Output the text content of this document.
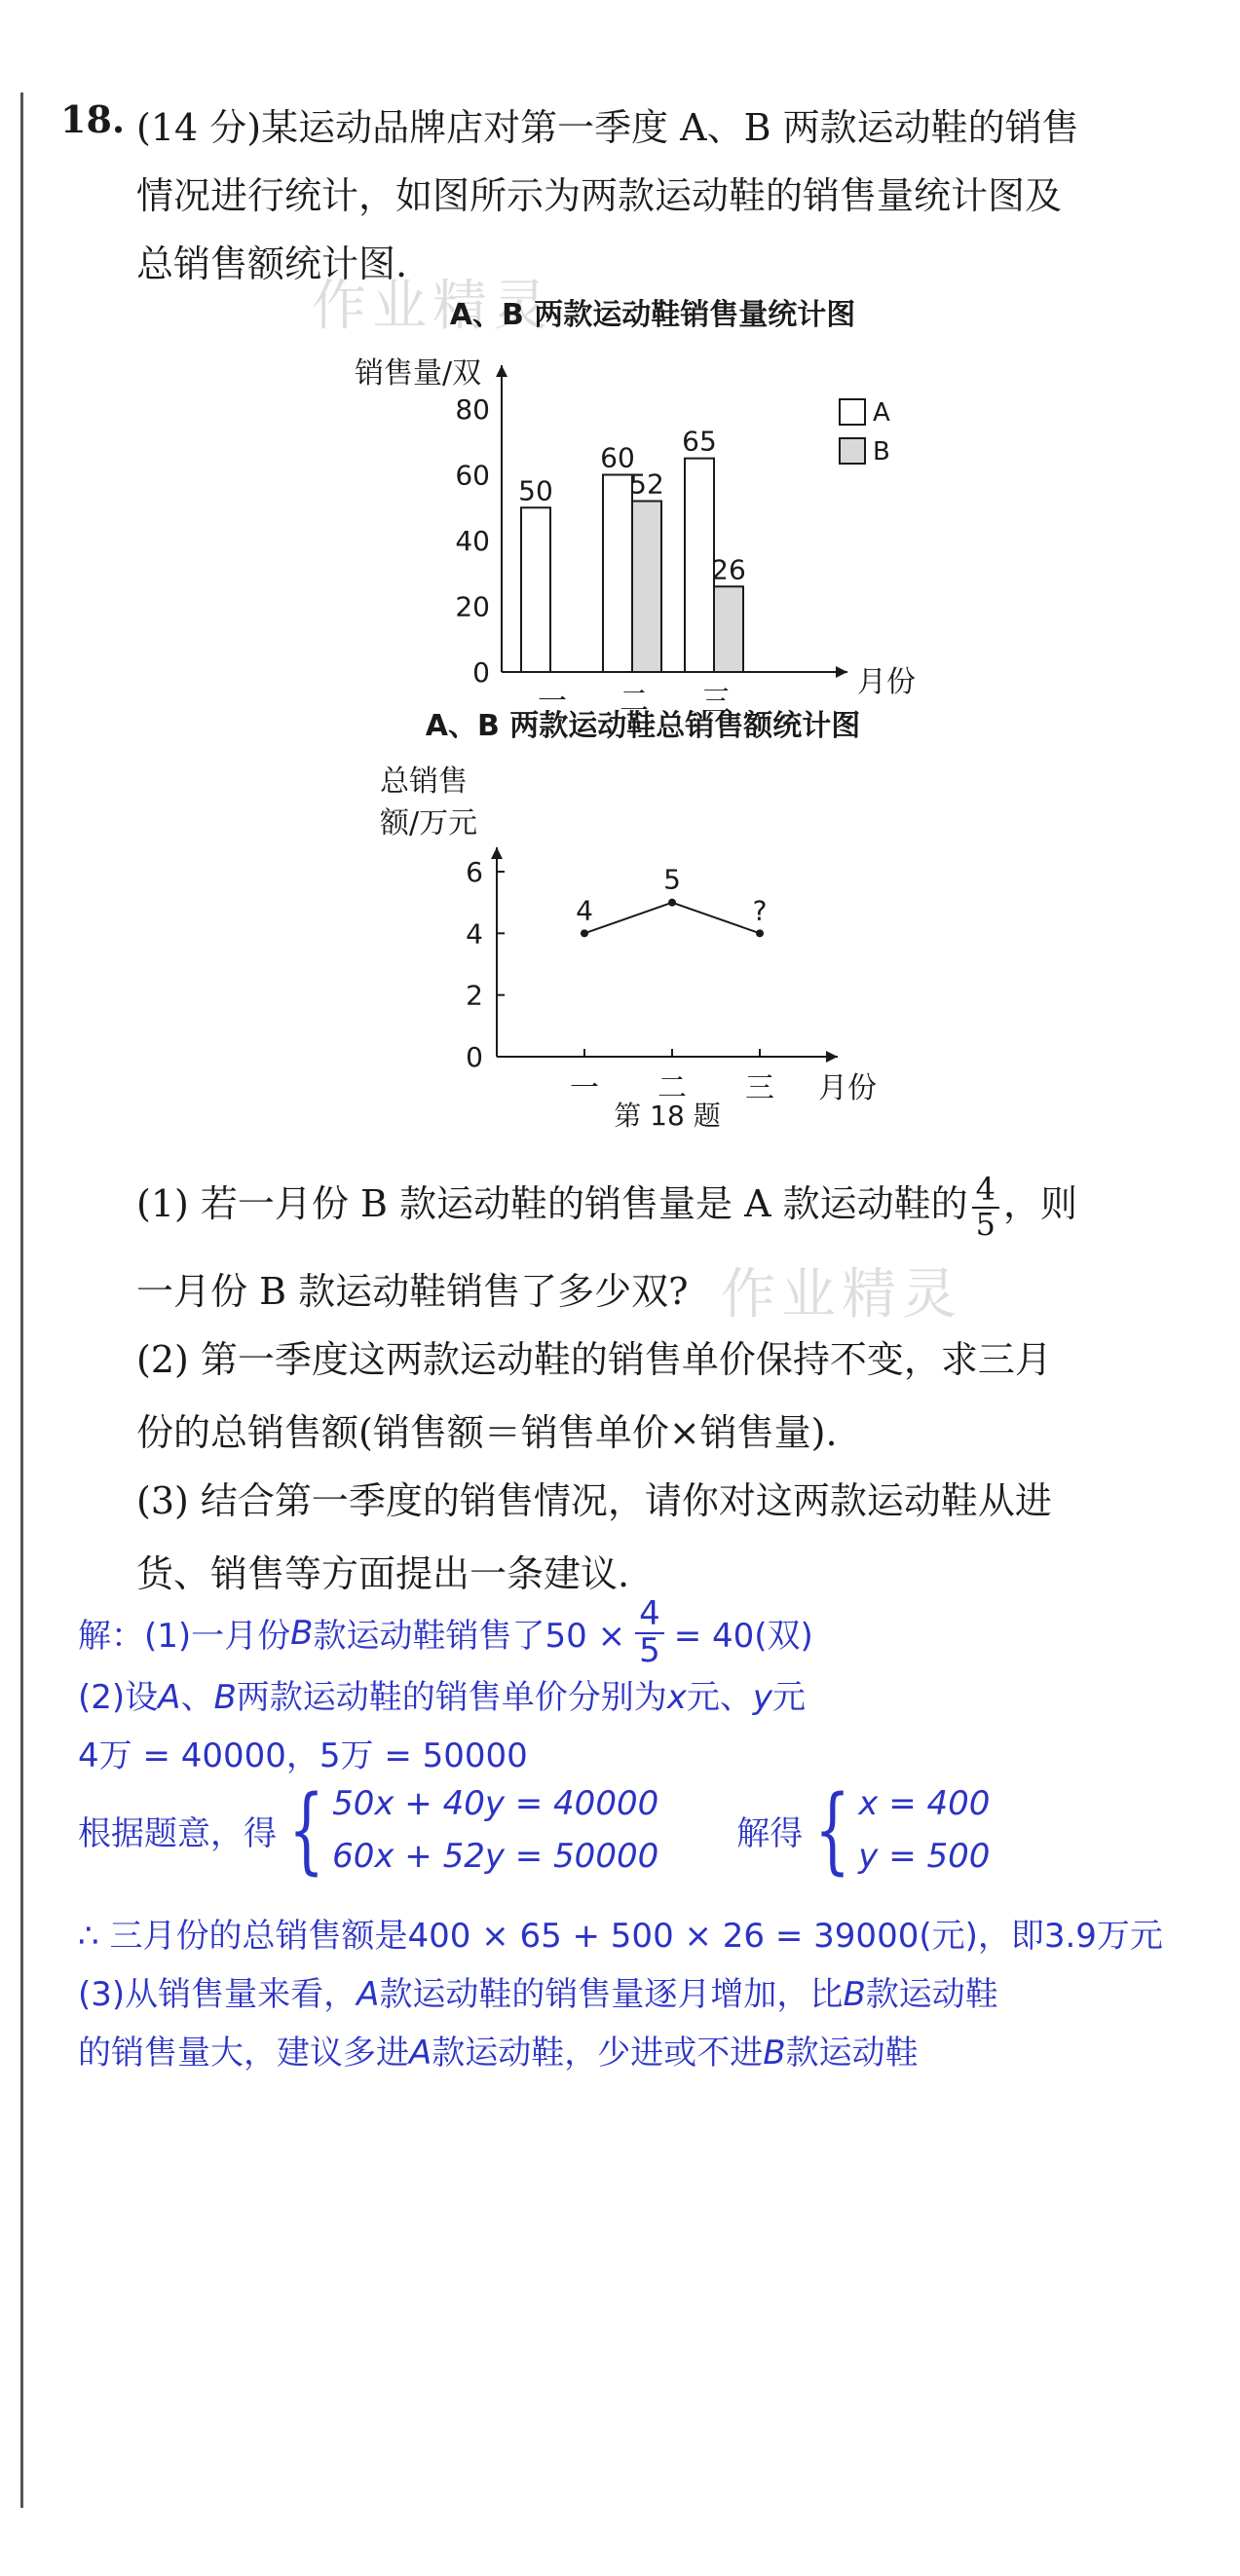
18. (14 分)某运动品牌店对第一季度 A、B 两款运动鞋的销售
情况进行统计，如图所示为两款运动鞋的销售量统计图及
总销售额统计图.
作业精灵
A、B 两款运动鞋销售量统计图
销售量/双
0
20
40
60
80
月份
一 二 三
50
60
52
65
26
A
B
A、B 两款运动鞋总销售额统计图
总销售
额/万元
0
2
4
6
月份
一 二 三
4
5
?
第 18 题
(1) 若一月份 B 款运动鞋的销售量是 A 款运动鞋的 $\frac{4}{5}$ ，则
一月份 B 款运动鞋销售了多少双? 作业精灵
(2) 第一季度这两款运动鞋的销售单价保持不变，求三月
份的总销售额(销售额＝销售单价×销售量).
(3) 结合第一季度的销售情况，请你对这两款运动鞋从进
货、销售等方面提出一条建议.
解：(1)一月份 B 款运动鞋销售了$50 \times \frac{4}{5} = 40$(双)
(2)设A、B两款运动鞋的销售单价分别为x元、y元
4万 = 40000，5万 = 50000
根据题意，得 { 50x + 40y = 40000
60x + 52y = 50000
解得 { x = 400
y = 500
∴ 三月份的总销售额是400 × 65 + 500 × 26 = 39000(元)，即3.9万元
(3)从销售量来看，A款运动鞋的销售量逐月增加，比B款运动鞋
的销售量大，建议多进A款运动鞋，少进或不进B款运动鞋
